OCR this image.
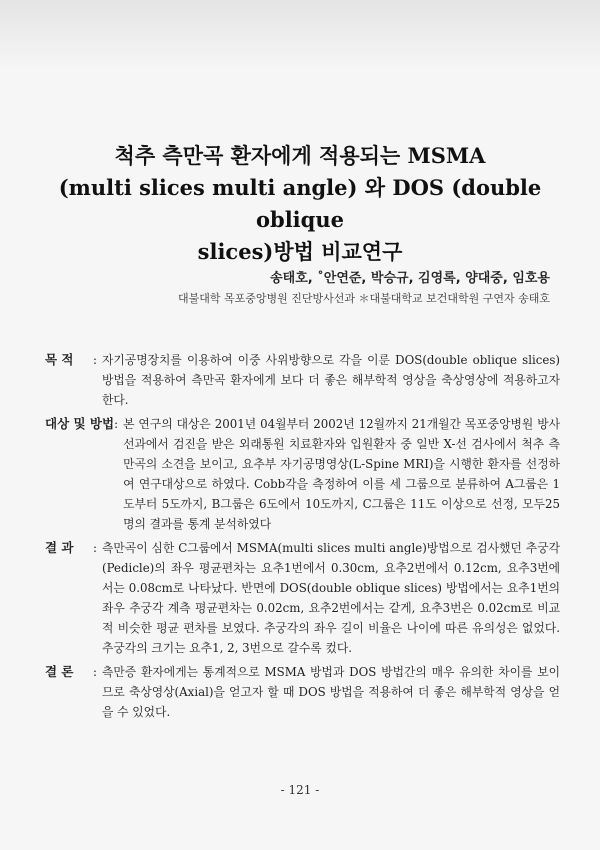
척추 측만곡 환자에게 적용되는 MSMA
(multi slices multi angle) 와 DOS (double oblique
slices)방법 비교연구
송태호, ˚안연준, 박승규, 김영록, 양대중, 임호용
대불대학 목포중앙병원 진단방사선과 ＊대불대학교 보건대학원 구연자 송태호
목 적	: 자기공명장치를 이용하여 이중 사위방향으로 각을 이룬 DOS(double oblique slices) 방법을 적용하여 측만곡 환자에게 보다 더 좋은 해부학적 영상을 축상영상에 적용하고자 한다.
대상 및 방법 : 본 연구의 대상은 2001년 04월부터 2002년 12월까지 21개월간 목포중앙병원 방사선과에서 검진을 받은 외래통원 치료환자와 입원환자 중 일반 X-선 검사에서 척추 측만곡의 소견을 보이고, 요추부 자기공명영상(L-Spine MRI)을 시행한 환자를 선정하여 연구대상으로 하였다. Cobb각을 측정하여 이를 세 그룹으로 분류하여 A그룹은 1도부터 5도까지, B그룹은 6도에서 10도까지, C그룹은 11도 이상으로 선정, 모두25명의 결과를 통계 분석하였다
결 과	: 측만곡이 심한 C그룹에서 MSMA(multi slices multi angle)방법으로 검사했던 추궁각(Pedicle)의 좌우 평균편차는 요추1번에서 0.30cm, 요추2번에서 0.12cm, 요추3번에서는 0.08cm로 나타났다. 반면에 DOS(double oblique slices) 방법에서는 요추1번의 좌우 추궁각 계측 평균편차는 0.02cm, 요추2번에서는 같게, 요추3번은 0.02cm로 비교적 비슷한 평균 편차를 보였다. 추궁각의 좌우 길이 비율은 나이에 따른 유의성은 없었다. 추궁각의 크기는 요추1, 2, 3번으로 갈수록 컸다.
결 론	: 측만증 환자에게는 통계적으로 MSMA 방법과 DOS 방법간의 매우 유의한 차이를 보이므로 축상영상(Axial)을 얻고자 할 때 DOS 방법을 적용하여 더 좋은 해부학적 영상을 얻을 수 있었다.
- 121 -
